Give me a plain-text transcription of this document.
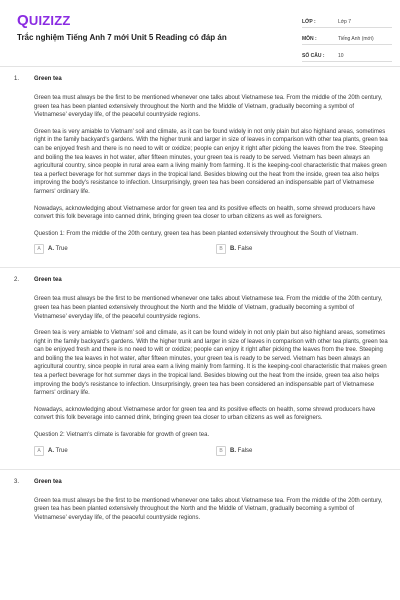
QUIZIZZ
Trắc nghiệm Tiếng Anh 7 mới Unit 5 Reading có đáp án
LỚP :	Lớp 7
MÔN :	Tiếng Anh (mới)
SỐ CÂU :	10
1. Green tea

Green tea must always be the first to be mentioned whenever one talks about Vietnamese tea. From the middle of the 20th century, green tea has been planted extensively throughout the North and the Middle of Vietnam, gradually becoming a symbol of Vietnamese' everyday life, of the peaceful countryside regions.

Green tea is very amiable to Vietnam' soil and climate, as it can be found widely in not only plain but also highland areas, sometimes right in the family backyard's gardens. With the higher trunk and larger in size of leaves in comparison with other tea plants, green tea can be enjoyed fresh and there is no need to wilt or oxidize; people can enjoy it right after picking the leaves from the tree. Steeping and boiling the tea leaves in hot water, after fifteen minutes, your green tea is ready to be served. Vietnam has been always an agricultural country, since people in rural area earn a living mainly from farming. It is the keeping-cool characteristic that makes green tea a perfect beverage for hot summer days in the tropical land. Besides blowing out the heat from the inside, green tea also helps improving the body's resistance to infection. Unsurprisingly, green tea has been considered an indispensable part of Vietnamese farmers' ordinary life.

Nowadays, acknowledging about Vietnamese ardor for green tea and its positive effects on health, some shrewd producers have convert this folk beverage into canned drink, bringing green tea closer to urban citizens as well as foreigners.

Question 1: From the middle of the 20th century, green tea has been planted extensively throughout the South of Vietnam.

A	A. True	B	B. False
2. Green tea

Green tea must always be the first to be mentioned whenever one talks about Vietnamese tea. From the middle of the 20th century, green tea has been planted extensively throughout the North and the Middle of Vietnam, gradually becoming a symbol of Vietnamese' everyday life, of the peaceful countryside regions.

Green tea is very amiable to Vietnam' soil and climate, as it can be found widely in not only plain but also highland areas, sometimes right in the family backyard's gardens. With the higher trunk and larger in size of leaves in comparison with other tea plants, green tea can be enjoyed fresh and there is no need to wilt or oxidize; people can enjoy it right after picking the leaves from the tree. Steeping and boiling the tea leaves in hot water, after fifteen minutes, your green tea is ready to be served. Vietnam has been always an agricultural country, since people in rural area earn a living mainly from farming. It is the keeping-cool characteristic that makes green tea a perfect beverage for hot summer days in the tropical land. Besides blowing out the heat from the inside, green tea also helps improving the body's resistance to infection. Unsurprisingly, green tea has been considered an indispensable part of Vietnamese farmers' ordinary life.

Nowadays, acknowledging about Vietnamese ardor for green tea and its positive effects on health, some shrewd producers have convert this folk beverage into canned drink, bringing green tea closer to urban citizens as well as foreigners.

Question 2: Vietnam's climate is favorable for growth of green tea.

A	A. True	B	B. False
3. Green tea

Green tea must always be the first to be mentioned whenever one talks about Vietnamese tea. From the middle of the 20th century, green tea has been planted extensively throughout the North and the Middle of Vietnam, gradually becoming a symbol of Vietnamese' everyday life, of the peaceful countryside regions.
